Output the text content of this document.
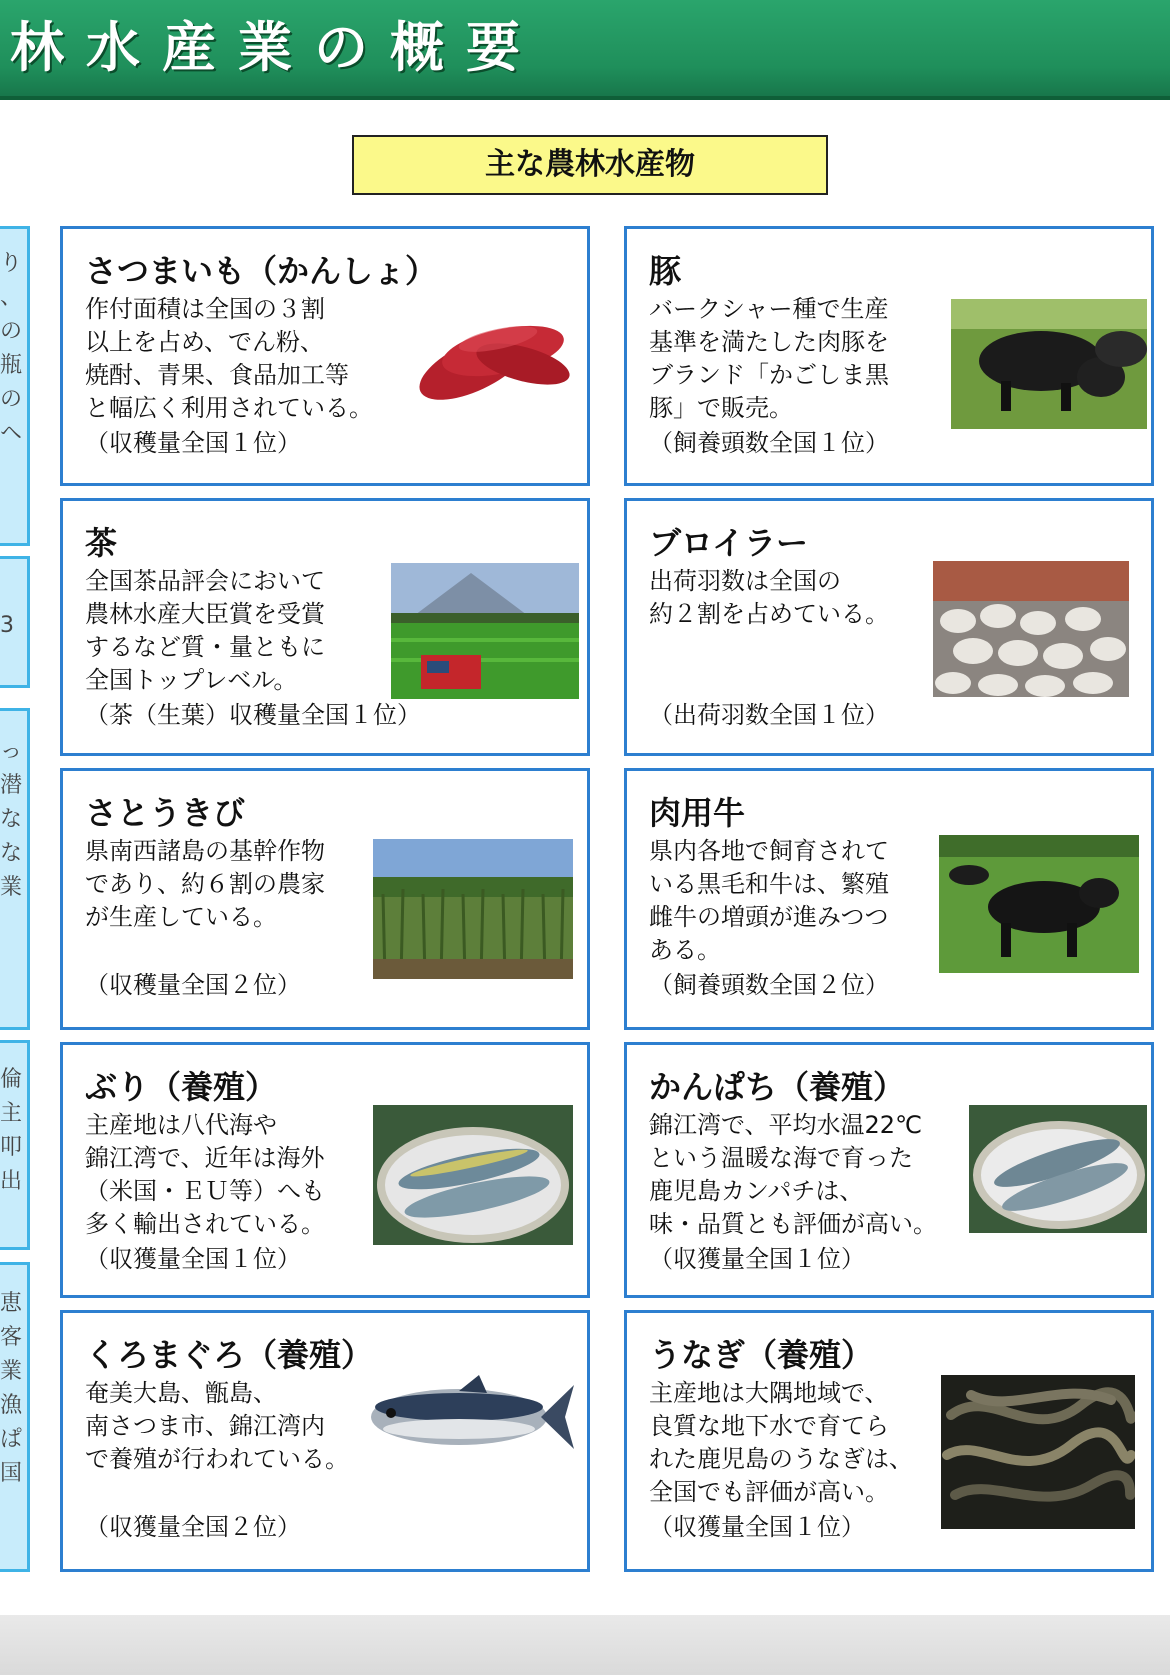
林水産業の概要
主な農林水産物
り
、
の
瓶
の
ヘ
3
っ
潜
な
な
業
倫
主
叩
出
恵
客
業
漁
ぱ
国
さつまいも（かんしょ）
作付面積は全国の３割
以上を占め、でん粉、
焼酎、青果、食品加工等
と幅広く利用されている。
（収穫量全国１位）
豚
バークシャー種で生産
基準を満たした肉豚を
ブランド「かごしま黒
豚」で販売。
（飼養頭数全国１位）
茶
全国茶品評会において
農林水産大臣賞を受賞
するなど質・量ともに
全国トップレベル。
（茶（生葉）収穫量全国１位）
ブロイラー
出荷羽数は全国の
約２割を占めている。
（出荷羽数全国１位）
さとうきび
県南西諸島の基幹作物
であり、約６割の農家
が生産している。
（収穫量全国２位）
肉用牛
県内各地で飼育されて
いる黒毛和牛は、繁殖
雌牛の増頭が進みつつ
ある。
（飼養頭数全国２位）
ぶり（養殖）
主産地は八代海や
錦江湾で、近年は海外
（米国・ＥＵ等）へも
多く輸出されている。
（収獲量全国１位）
かんぱち（養殖）
錦江湾で、平均水温22℃
という温暖な海で育った
鹿児島カンパチは、
味・品質とも評価が高い。
（収獲量全国１位）
くろまぐろ（養殖）
奄美大島、甑島、
南さつま市、錦江湾内
で養殖が行われている。
（収獲量全国２位）
うなぎ（養殖）
主産地は大隅地域で、
良質な地下水で育てら
れた鹿児島のうなぎは、
全国でも評価が高い。
（収獲量全国１位）
